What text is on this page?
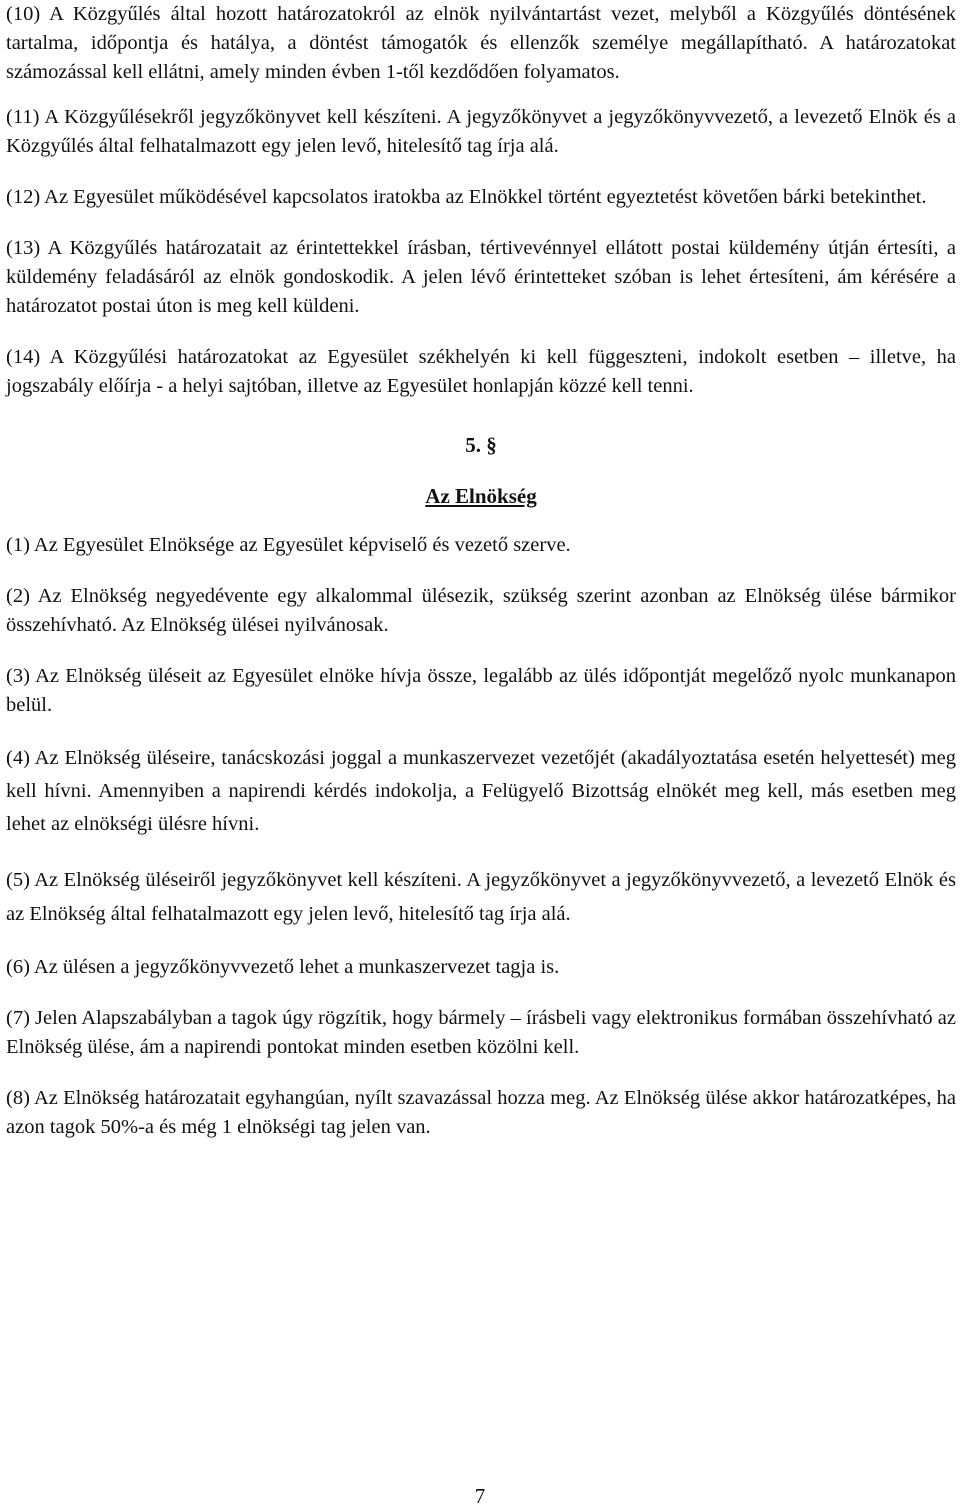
(10) A Közgyűlés által hozott határozatokról az elnök nyilvántartást vezet, melyből a Közgyűlés döntésének tartalma, időpontja és hatálya, a döntést támogatók és ellenzők személye megállapítható. A határozatokat számozással kell ellátni, amely minden évben 1-től kezdődően folyamatos.

(11) A Közgyűlésekről jegyzőkönyvet kell készíteni. A jegyzőkönyvet a jegyzőkönyvvezető, a levezető Elnök és a Közgyűlés által felhatalmazott egy jelen levő, hitelesítő tag írja alá.

(12) Az Egyesület működésével kapcsolatos iratokba az Elnökkel történt egyeztetést követően bárki betekinthet.

(13) A Közgyűlés határozatait az érintettekkel írásban, tértivevénnyel ellátott postai küldemény útján értesíti, a küldemény feladásáról az elnök gondoskodik. A jelen lévő érintetteket szóban is lehet értesíteni, ám kérésére a határozatot postai úton is meg kell küldeni.

(14) A Közgyűlési határozatokat az Egyesület székhelyén ki kell függeszteni, indokolt esetben – illetve, ha jogszabály előírja - a helyi sajtóban, illetve az Egyesület honlapján közzé kell tenni.

5. §

Az Elnökség

(1) Az Egyesület Elnöksége az Egyesület képviselő és vezető szerve.

(2) Az Elnökség negyedévente egy alkalommal ülésezik, szükség szerint azonban az Elnökség ülése bármikor összehívható. Az Elnökség ülései nyilvánosak.

(3) Az Elnökség üléseit az Egyesület elnöke hívja össze, legalább az ülés időpontját megelőző nyolc munkanapon belül.

(4) Az Elnökség üléseire, tanácskozási joggal a munkaszervezet vezetőjét (akadályoztatása esetén helyettesét) meg kell hívni. Amennyiben a napirendi kérdés indokolja, a Felügyelő Bizottság elnökét meg kell, más esetben meg lehet az elnökségi ülésre hívni.

(5) Az Elnökség üléseiről jegyzőkönyvet kell készíteni. A jegyzőkönyvet a jegyzőkönyvvezető, a levezető Elnök és az Elnökség által felhatalmazott egy jelen levő, hitelesítő tag írja alá.

(6) Az ülésen a jegyzőkönyvvezető lehet a munkaszervezet tagja is.

(7) Jelen Alapszabályban a tagok úgy rögzítik, hogy bármely – írásbeli vagy elektronikus formában összehívható az Elnökség ülése, ám a napirendi pontokat minden esetben közölni kell.

(8) Az Elnökség határozatait egyhangúan, nyílt szavazással hozza meg. Az Elnökség ülése akkor határozatképes, ha azon tagok 50%-a és még 1 elnökségi tag jelen van.

7
